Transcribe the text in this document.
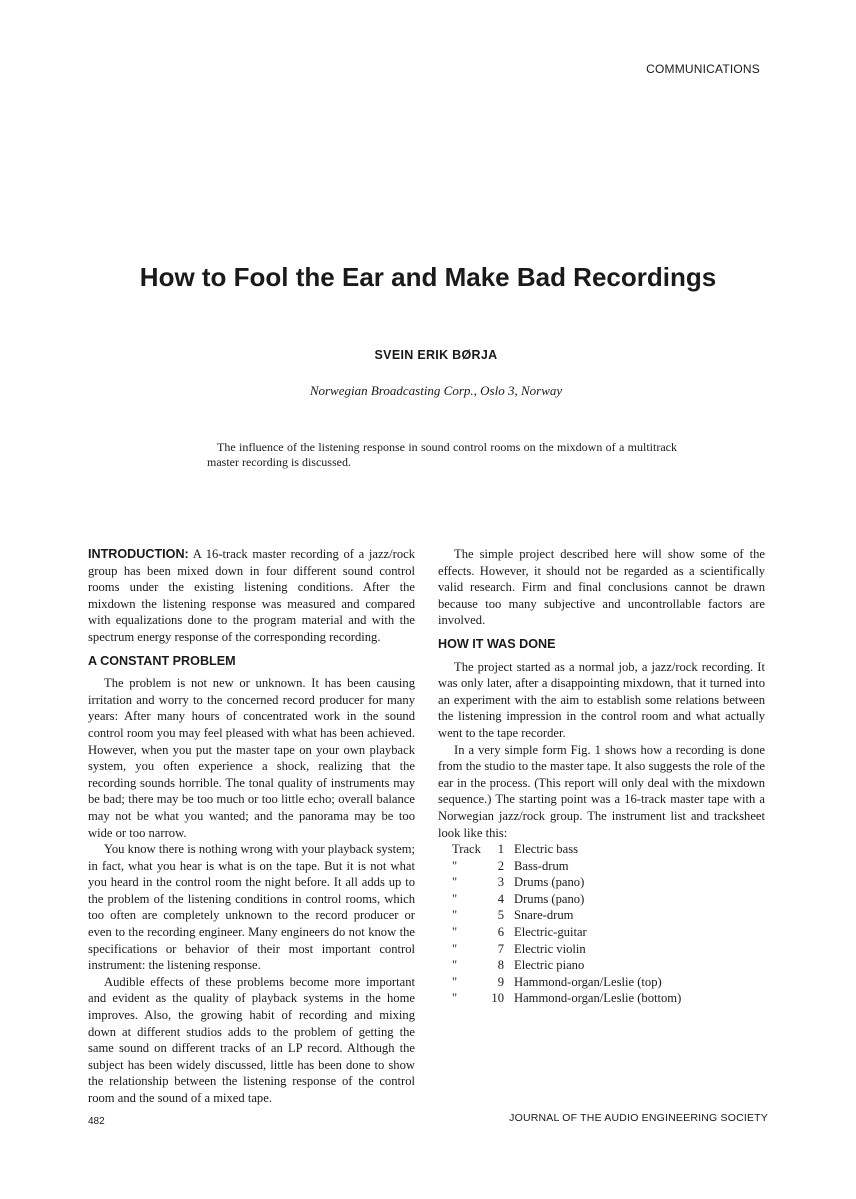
COMMUNICATIONS
How to Fool the Ear and Make Bad Recordings
SVEIN ERIK BØRJA
Norwegian Broadcasting Corp., Oslo 3, Norway
The influence of the listening response in sound control rooms on the mixdown of a multitrack master recording is discussed.

INTRODUCTION: A 16-track master recording of a jazz/rock group has been mixed down in four different sound control rooms under the existing listening conditions. After the mixdown the listening response was measured and compared with equalizations done to the program material and with the spectrum energy response of the corresponding recording.

A CONSTANT PROBLEM

The problem is not new or unknown. It has been causing irritation and worry to the concerned record producer for many years: After many hours of concentrated work in the sound control room you may feel pleased with what has been achieved. However, when you put the master tape on your own playback system, you often experience a shock, realizing that the recording sounds horrible. The tonal quality of instruments may be bad; there may be too much or too little echo; overall balance may not be what you wanted; and the panorama may be too wide or too narrow.

You know there is nothing wrong with your playback system; in fact, what you hear is what is on the tape. But it is not what you heard in the control room the night before. It all adds up to the problem of the listening conditions in control rooms, which too often are completely unknown to the record producer or even to the recording engineer. Many engineers do not know the specifications or behavior of their most important control instrument: the listening response.

Audible effects of these problems become more important and evident as the quality of playback systems in the home improves. Also, the growing habit of recording and mixing down at different studios adds to the problem of getting the same sound on different tracks of an LP record. Although the subject has been widely discussed, little has been done to show the relationship between the listening response of the control room and the sound of a mixed tape.

The simple project described here will show some of the effects. However, it should not be regarded as a scientifically valid research. Firm and final conclusions cannot be drawn because too many subjective and uncontrollable factors are involved.

HOW IT WAS DONE

The project started as a normal job, a jazz/rock recording. It was only later, after a disappointing mixdown, that it turned into an experiment with the aim to establish some relations between the listening impression in the control room and what actually went to the tape recorder.

In a very simple form Fig. 1 shows how a recording is done from the studio to the master tape. It also suggests the role of the ear in the process. (This report will only deal with the mixdown sequence.) The starting point was a 16-track master tape with a Norwegian jazz/rock group. The instrument list and tracksheet look like this:

Track	1 Electric bass
"	2 Bass-drum
"	3 Drums (pano)
"	4 Drums (pano)
"	5 Snare-drum
"	6 Electric-guitar
"	7 Electric violin
"	8 Electric piano
"	9 Hammond-organ/Leslie (top)
"	10 Hammond-organ/Leslie (bottom)
482	JOURNAL OF THE AUDIO ENGINEERING SOCIETY
